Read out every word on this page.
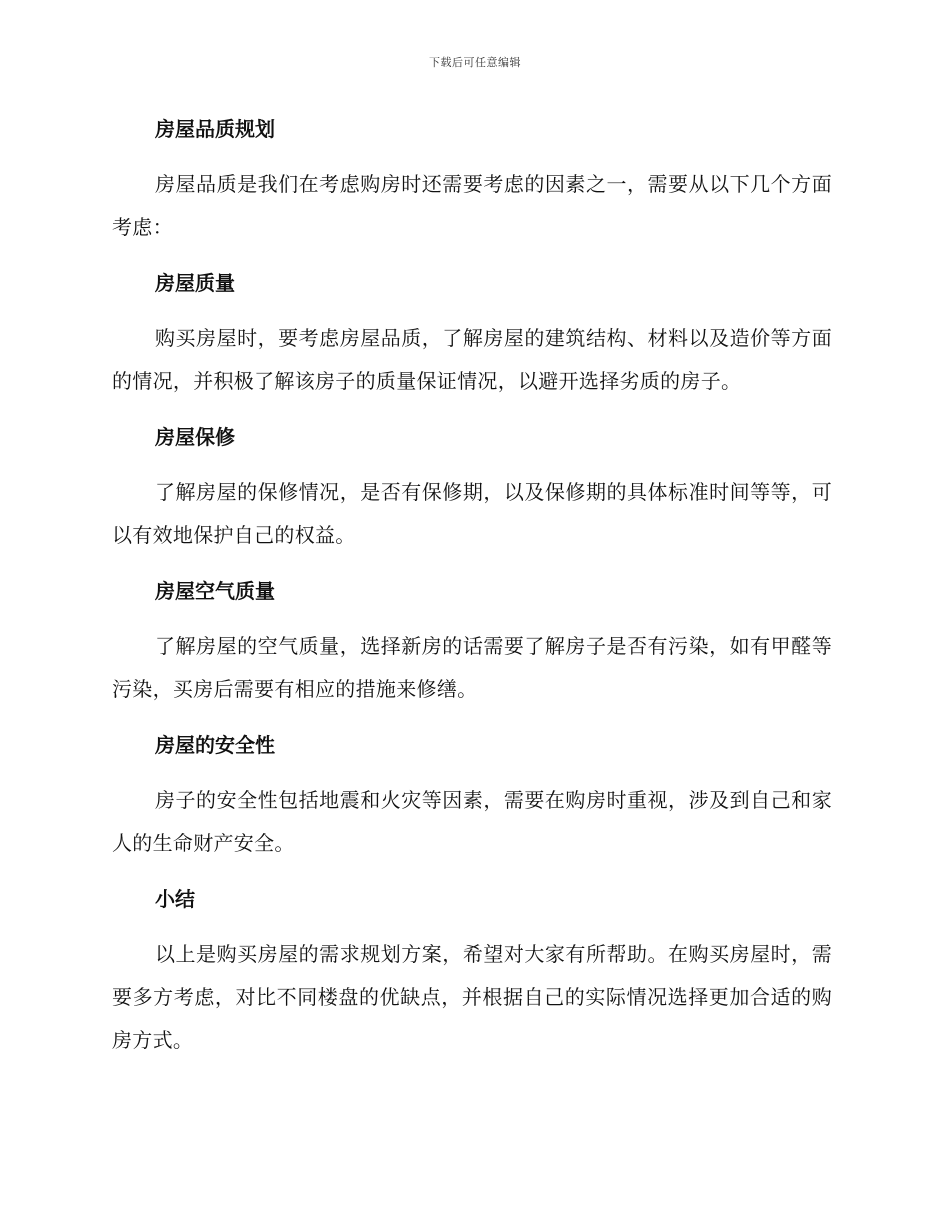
下载后可任意编辑
房屋品质规划

房屋品质是我们在考虑购房时还需要考虑的因素之一，需要从以下几个方面考虑：

房屋质量

购买房屋时，要考虑房屋品质，了解房屋的建筑结构、材料以及造价等方面的情况，并积极了解该房子的质量保证情况，以避开选择劣质的房子。

房屋保修

了解房屋的保修情况，是否有保修期，以及保修期的具体标准时间等等，可以有效地保护自己的权益。

房屋空气质量

了解房屋的空气质量，选择新房的话需要了解房子是否有污染，如有甲醛等污染，买房后需要有相应的措施来修缮。

房屋的安全性

房子的安全性包括地震和火灾等因素，需要在购房时重视，涉及到自己和家人的生命财产安全。

小结

以上是购买房屋的需求规划方案，希望对大家有所帮助。在购买房屋时，需要多方考虑，对比不同楼盘的优缺点，并根据自己的实际情况选择更加合适的购房方式。
